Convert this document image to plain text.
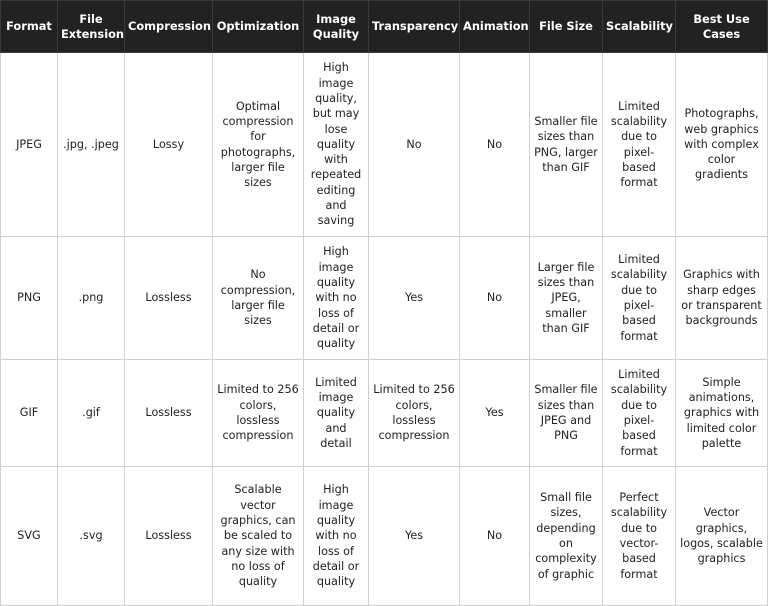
Format	File Extension	Compression	Optimization	Image Quality	Transparency	Animation	File Size	Scalability	Best Use Cases
JPEG	.jpg, .jpeg	Lossy	Optimal compression for photographs, larger file sizes	High image quality, but may lose quality with repeated editing and saving	No	No	Smaller file sizes than PNG, larger than GIF	Limited scalability due to pixel-based format	Photographs, web graphics with complex color gradients
PNG	.png	Lossless	No compression, larger file sizes	High image quality with no loss of detail or quality	Yes	No	Larger file sizes than JPEG, smaller than GIF	Limited scalability due to pixel-based format	Graphics with sharp edges or transparent backgrounds
GIF	.gif	Lossless	Limited to 256 colors, lossless compression	Limited image quality and detail	Limited to 256 colors, lossless compression	Yes	Smaller file sizes than JPEG and PNG	Limited scalability due to pixel-based format	Simple animations, graphics with limited color palette
SVG	.svg	Lossless	Scalable vector graphics, can be scaled to any size with no loss of quality	High image quality with no loss of detail or quality	Yes	No	Small file sizes, depending on complexity of graphic	Perfect scalability due to vector-based format	Vector graphics, logos, scalable graphics
